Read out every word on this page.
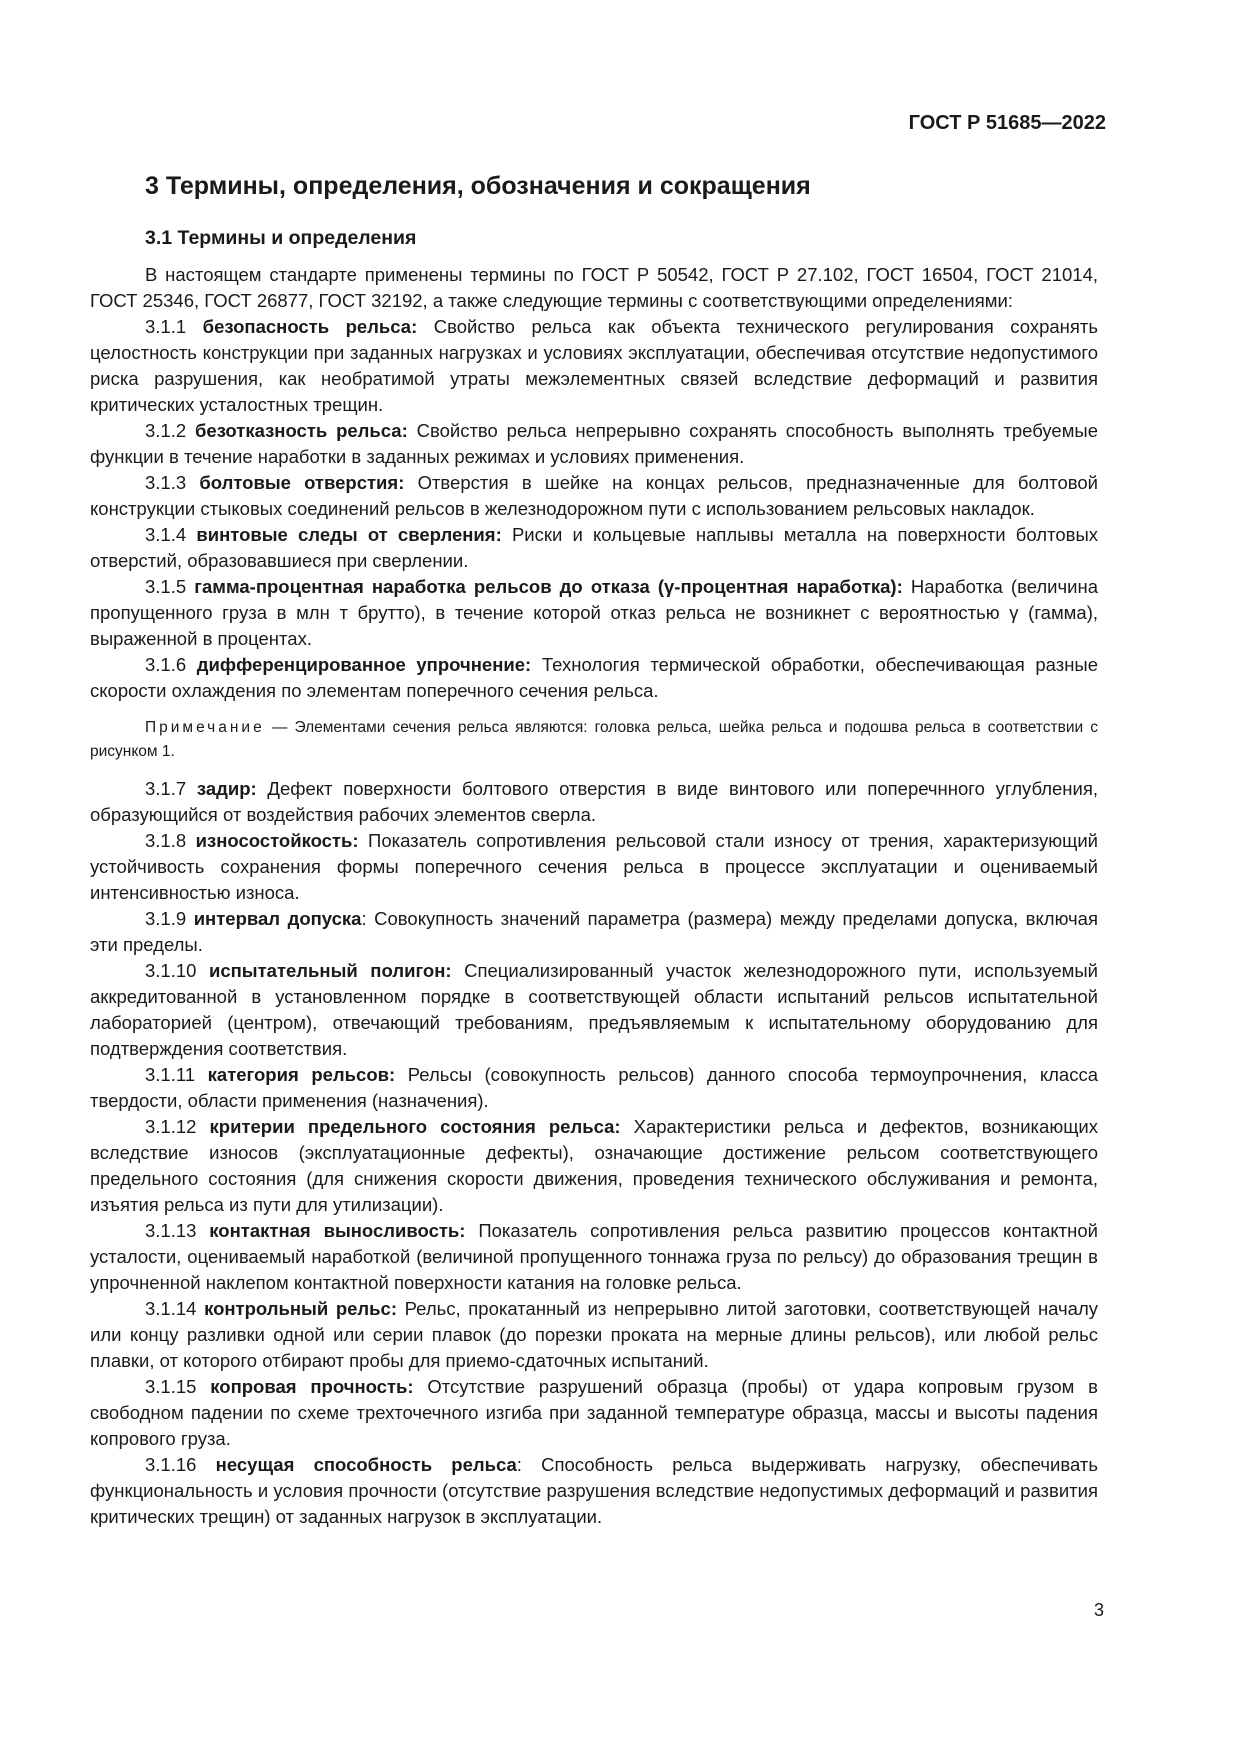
ГОСТ Р 51685—2022
3 Термины, определения, обозначения и сокращения
3.1 Термины и определения

В настоящем стандарте применены термины по ГОСТ Р 50542, ГОСТ Р 27.102, ГОСТ 16504, ГОСТ 21014, ГОСТ 25346, ГОСТ 26877, ГОСТ 32192, а также следующие термины с соответствующими определениями:

3.1.1 безопасность рельса: Свойство рельса как объекта технического регулирования сохранять целостность конструкции при заданных нагрузках и условиях эксплуатации, обеспечивая отсутствие недопустимого риска разрушения, как необратимой утраты межэлементных связей вследствие деформаций и развития критических усталостных трещин.

3.1.2 безотказность рельса: Свойство рельса непрерывно сохранять способность выполнять требуемые функции в течение наработки в заданных режимах и условиях применения.

3.1.3 болтовые отверстия: Отверстия в шейке на концах рельсов, предназначенные для болтовой конструкции стыковых соединений рельсов в железнодорожном пути с использованием рельсовых накладок.

3.1.4 винтовые следы от сверления: Риски и кольцевые наплывы металла на поверхности болтовых отверстий, образовавшиеся при сверлении.

3.1.5 гамма-процентная наработка рельсов до отказа (γ-процентная наработка): Наработка (величина пропущенного груза в млн т брутто), в течение которой отказ рельса не возникнет с вероятностью γ (гамма), выраженной в процентах.

3.1.6 дифференцированное упрочнение: Технология термической обработки, обеспечивающая разные скорости охлаждения по элементам поперечного сечения рельса.

Примечание — Элементами сечения рельса являются: головка рельса, шейка рельса и подошва рельса в соответствии с рисунком 1.

3.1.7 задир: Дефект поверхности болтового отверстия в виде винтового или поперечнного углубления, образующийся от воздействия рабочих элементов сверла.

3.1.8 износостойкость: Показатель сопротивления рельсовой стали износу от трения, характеризующий устойчивость сохранения формы поперечного сечения рельса в процессе эксплуатации и оцениваемый интенсивностью износа.

3.1.9 интервал допуска: Совокупность значений параметра (размера) между пределами допуска, включая эти пределы.

3.1.10 испытательный полигон: Специализированный участок железнодорожного пути, используемый аккредитованной в установленном порядке в соответствующей области испытаний рельсов испытательной лабораторией (центром), отвечающий требованиям, предъявляемым к испытательному оборудованию для подтверждения соответствия.

3.1.11 категория рельсов: Рельсы (совокупность рельсов) данного способа термоупрочнения, класса твердости, области применения (назначения).

3.1.12 критерии предельного состояния рельса: Характеристики рельса и дефектов, возникающих вследствие износов (эксплуатационные дефекты), означающие достижение рельсом соответствующего предельного состояния (для снижения скорости движения, проведения технического обслуживания и ремонта, изъятия рельса из пути для утилизации).

3.1.13 контактная выносливость: Показатель сопротивления рельса развитию процессов контактной усталости, оцениваемый наработкой (величиной пропущенного тоннажа груза по рельсу) до образования трещин в упрочненной наклепом контактной поверхности катания на головке рельса.

3.1.14 контрольный рельс: Рельс, прокатанный из непрерывно литой заготовки, соответствующей началу или концу разливки одной или серии плавок (до порезки проката на мерные длины рельсов), или любой рельс плавки, от которого отбирают пробы для приемо-сдаточных испытаний.

3.1.15 копровая прочность: Отсутствие разрушений образца (пробы) от удара копровым грузом в свободном падении по схеме трехточечного изгиба при заданной температуре образца, массы и высоты падения копрового груза.

3.1.16 несущая способность рельса: Способность рельса выдерживать нагрузку, обеспечивать функциональность и условия прочности (отсутствие разрушения вследствие недопустимых деформаций и развития критических трещин) от заданных нагрузок в эксплуатации.

3
